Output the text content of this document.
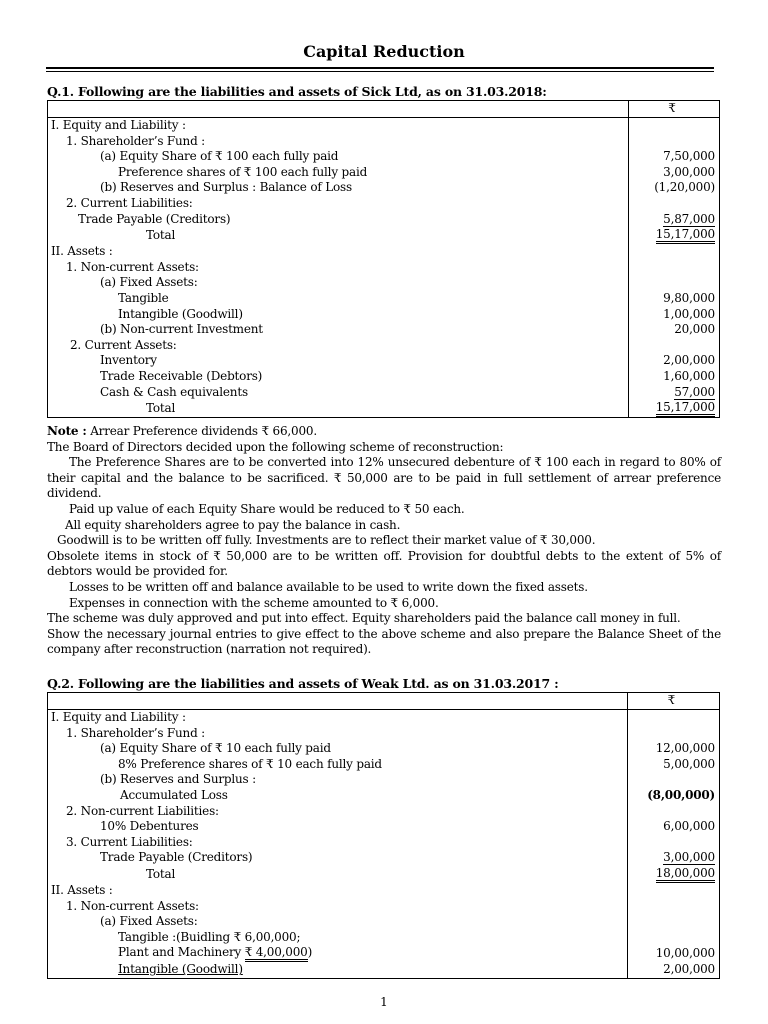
Capital Reduction
Q.1. Following are the liabilities and assets of Sick Ltd, as on 31.03.2018:
	₹
I. Equity and Liability :	
1. Shareholder’s Fund :	
(a) Equity Share of ₹ 100 each fully paid	7,50,000
Preference shares of ₹ 100 each fully paid	3,00,000
(b) Reserves and Surplus : Balance of Loss	(1,20,000)
2. Current Liabilities:	
Trade Payable (Creditors)	5,87,000
Total	15,17,000
II. Assets :	
1. Non-current Assets:	
(a) Fixed Assets:	
Tangible	9,80,000
Intangible (Goodwill)	1,00,000
(b) Non-current Investment	20,000
2. Current Assets:	
Inventory	2,00,000
Trade Receivable (Debtors)	1,60,000
Cash & Cash equivalents	57,000
Total	15,17,000

Note : Arrear Preference dividends ₹ 66,000.

The Board of Directors decided upon the following scheme of reconstruction:

The Preference Shares are to be converted into 12% unsecured debenture of ₹ 100 each in regard to 80% of their capital and the balance to be sacrificed. ₹ 50,000 are to be paid in full settlement of arrear preference dividend.

Paid up value of each Equity Share would be reduced to ₹ 50 each.

All equity shareholders agree to pay the balance in cash.

Goodwill is to be written off fully. Investments are to reflect their market value of ₹ 30,000.

Obsolete items in stock of ₹ 50,000 are to be written off. Provision for doubtful debts to the extent of 5% of debtors would be provided for.

Losses to be written off and balance available to be used to write down the fixed assets.

Expenses in connection with the scheme amounted to ₹ 6,000.

The scheme was duly approved and put into effect. Equity shareholders paid the balance call money in full.

Show the necessary journal entries to give effect to the above scheme and also prepare the Balance Sheet of the company after reconstruction (narration not required).

Q.2. Following are the liabilities and assets of Weak Ltd. as on 31.03.2017 :
	₹
I. Equity and Liability :	
1. Shareholder’s Fund :	
(a) Equity Share of ₹ 10 each fully paid	12,00,000
8% Preference shares of ₹ 10 each fully paid	5,00,000
(b) Reserves and Surplus :	
Accumulated Loss	(8,00,000)
2. Non-current Liabilities:	
10% Debentures	6,00,000
3. Current Liabilities:	
Trade Payable (Creditors)	3,00,000
Total	18,00,000
II. Assets :	
1. Non-current Assets:	
(a) Fixed Assets:	
Tangible :(Buidling ₹ 6,00,000;	
Plant and Machinery ₹ 4,00,000)	10,00,000
Intangible (Goodwill)	2,00,000
1
